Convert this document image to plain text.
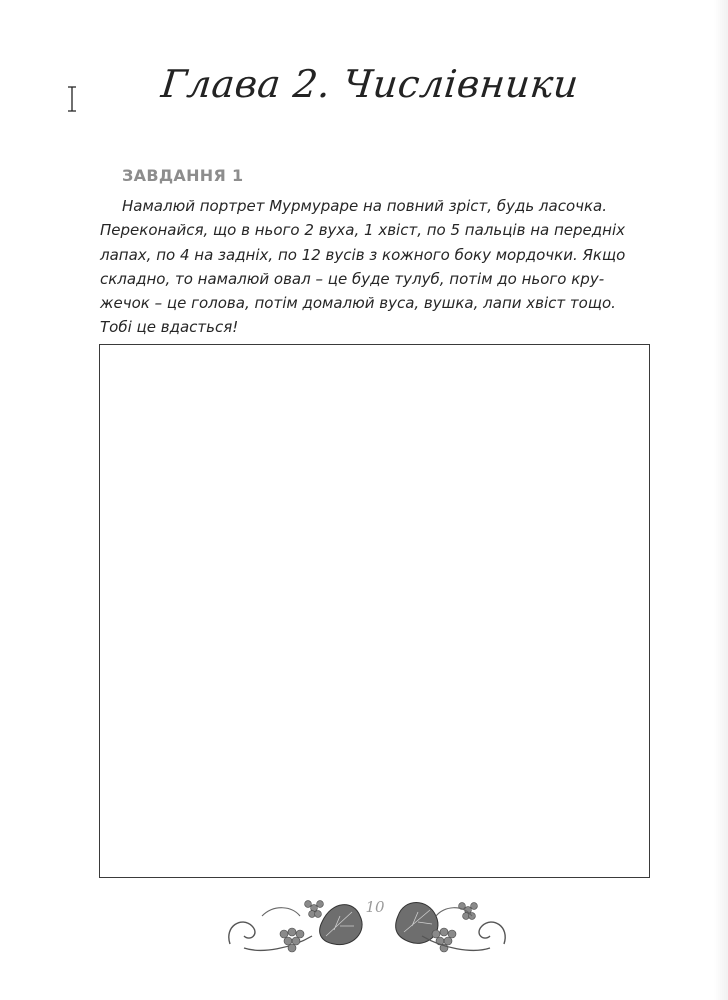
Глава 2. Числівники
ЗАВДАННЯ 1
Намалюй портрет Мурмураре на повний зріст, будь ласочка.
Переконайся, що в нього 2 вуха, 1 хвіст, по 5 пальців на передніх
лапах, по 4 на задніх, по 12 вусів з кожного боку мордочки. Якщо
складно, то намалюй овал – це буде тулуб, потім до нього кру-
жечок – це голова, потім домалюй вуса, вушка, лапи хвіст тощо.
Тобі це вдасться!
10
